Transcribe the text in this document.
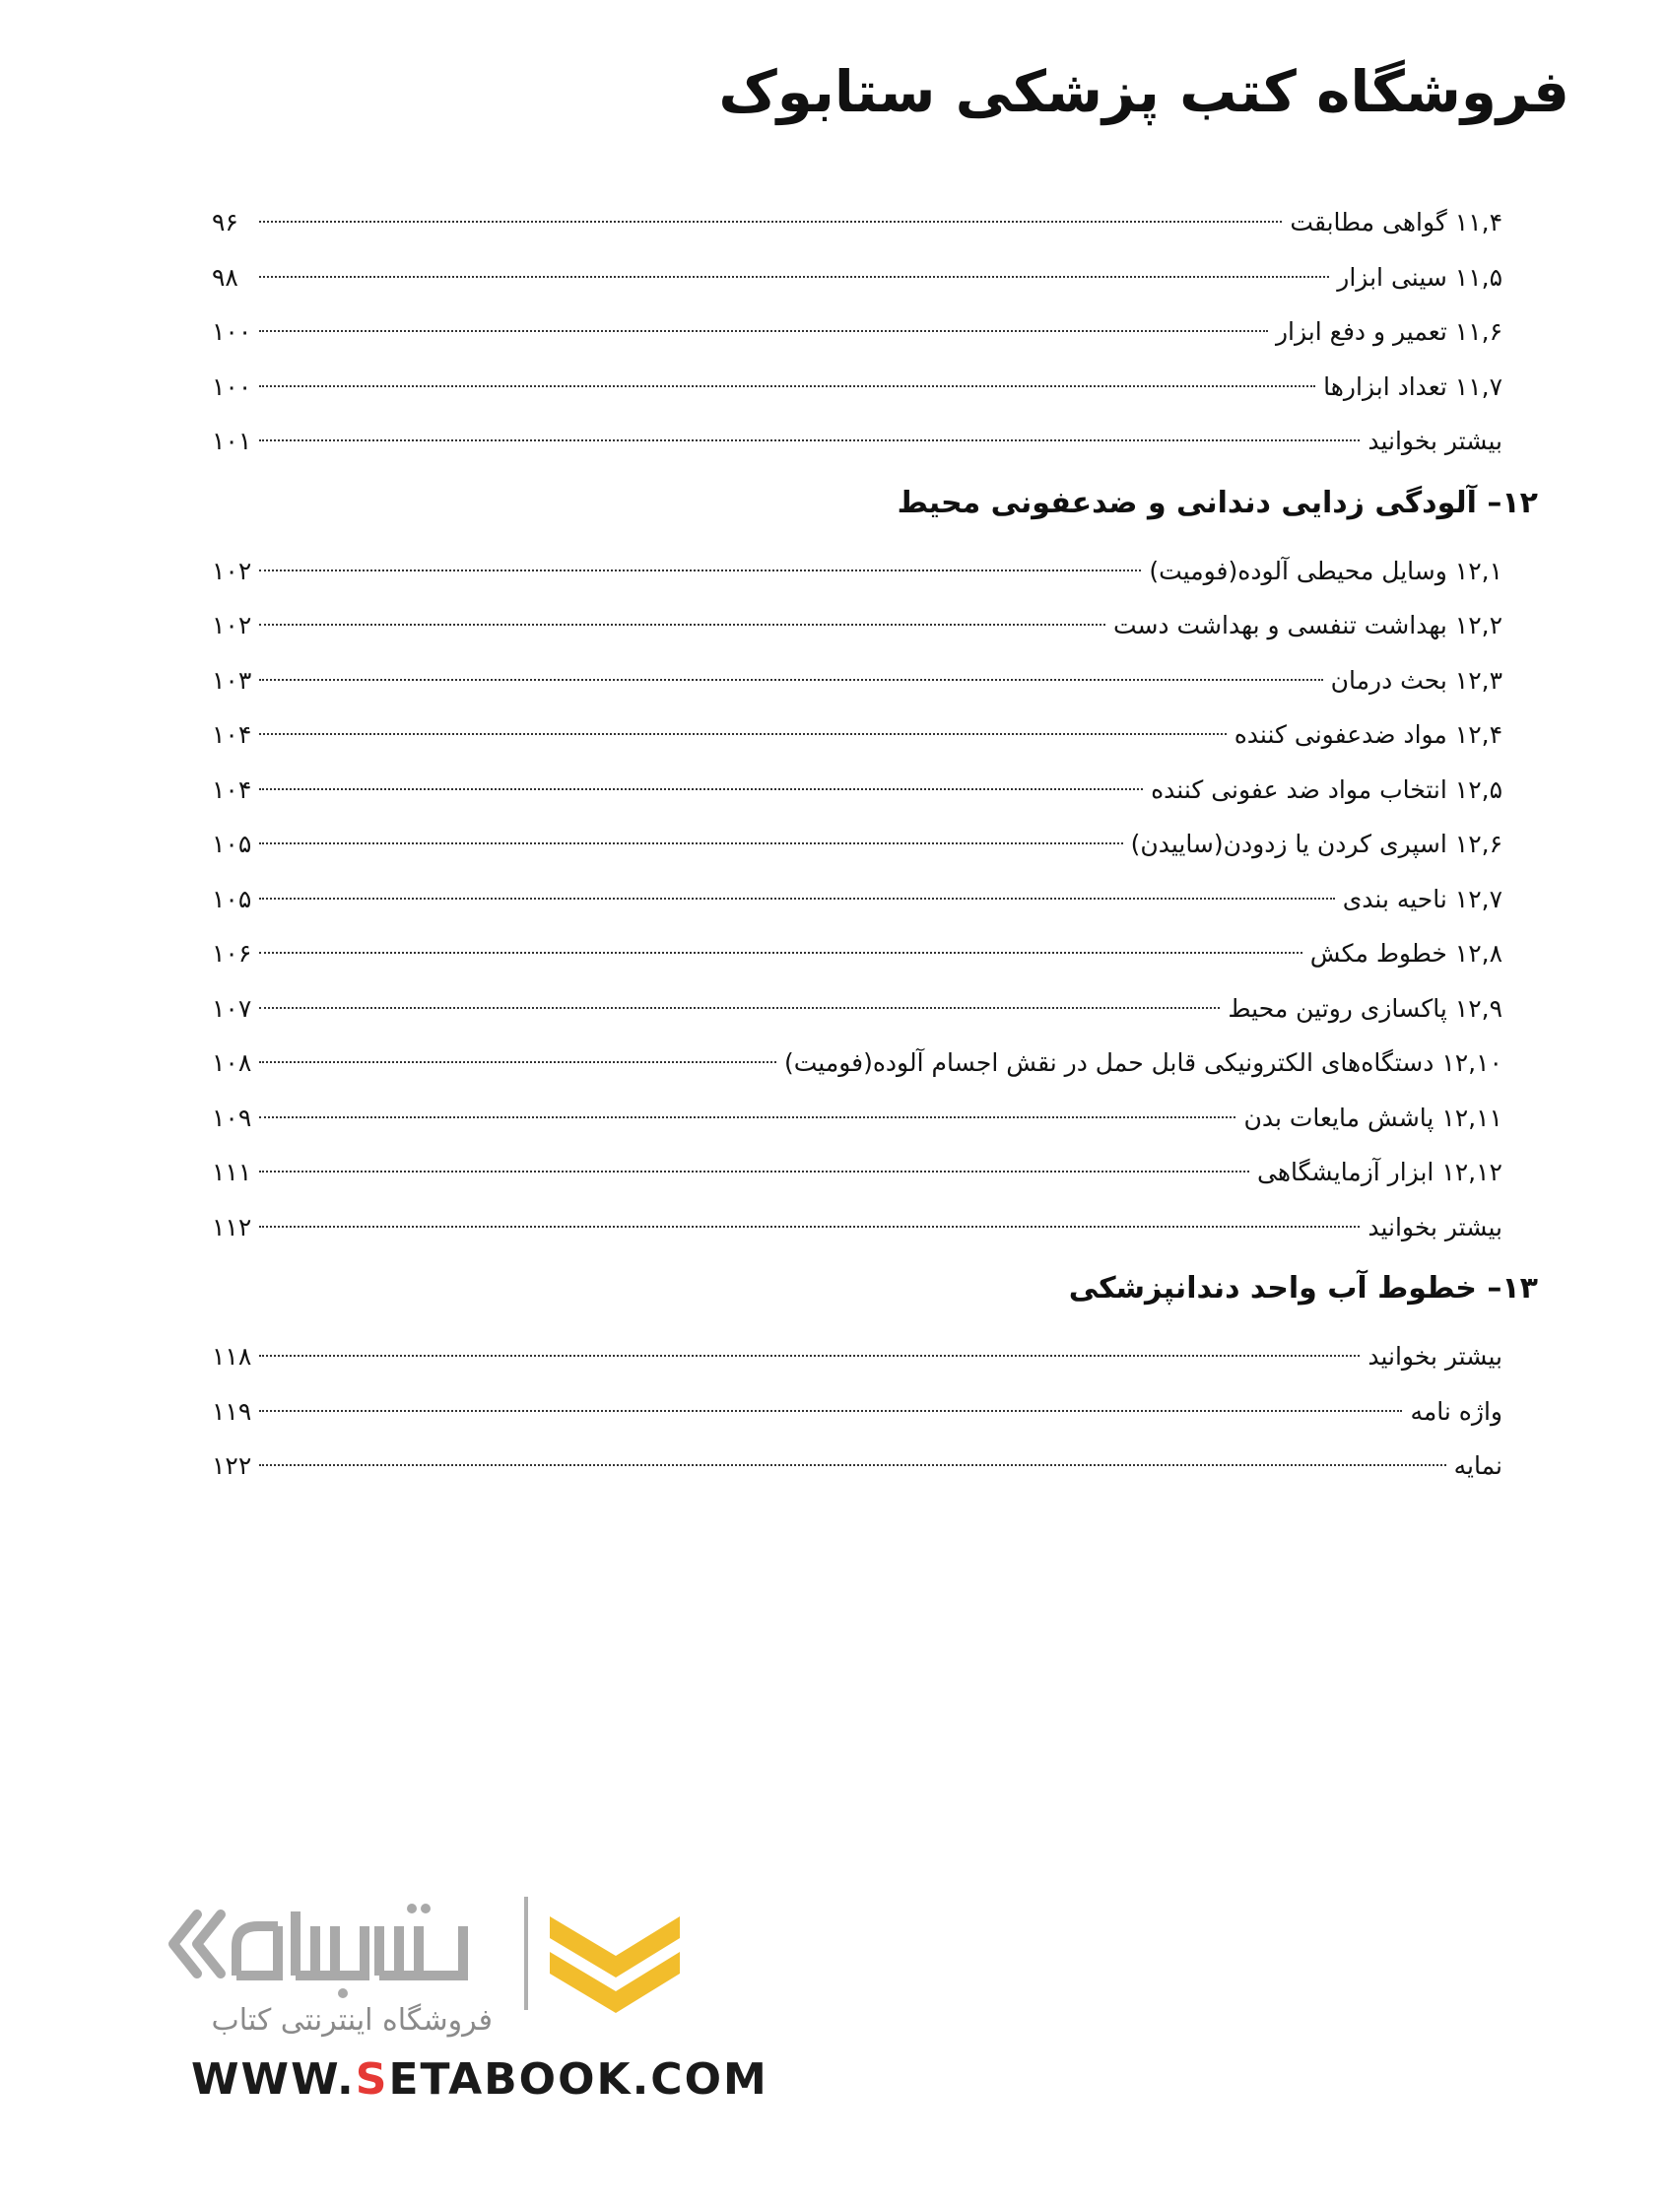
فروشگاه کتب پزشکی ستابوک
۱۱,۴ گواهی مطابقت
۹۶
۱۱,۵ سینی ابزار
۹۸
۱۱,۶ تعمیر و دفع ابزار
۱۰۰
۱۱,۷ تعداد ابزارها
۱۰۰
بیشتر بخوانید
۱۰۱
۱۲– آلودگی زدایی دندانی و ضدعفونی محیط
۱۲,۱ وسایل محیطی آلوده(فومیت)
۱۰۲
۱۲,۲ بهداشت تنفسی و بهداشت دست
۱۰۲
۱۲,۳ بحث درمان
۱۰۳
۱۲,۴ مواد ضدعفونی کننده
۱۰۴
۱۲,۵ انتخاب مواد ضد عفونی کننده
۱۰۴
۱۲,۶ اسپری کردن یا زدودن(ساییدن)
۱۰۵
۱۲,۷ ناحیه بندی
۱۰۵
۱۲,۸ خطوط مکش
۱۰۶
۱۲,۹ پاکسازی روتین محیط
۱۰۷
۱۲,۱۰ دستگاه‌های الکترونیکی قابل حمل در نقش اجسام آلوده(فومیت)
۱۰۸
۱۲,۱۱ پاشش مایعات بدن
۱۰۹
۱۲,۱۲ ابزار آزمایشگاهی
۱۱۱
بیشتر بخوانید
۱۱۲
۱۳– خطوط آب واحد دندانپزشکی
بیشتر بخوانید
۱۱۸
واژه نامه
۱۱۹
نمایه
۱۲۲
فروشگاه اینترنتی کتاب
WWW.SETABOOK.COM
